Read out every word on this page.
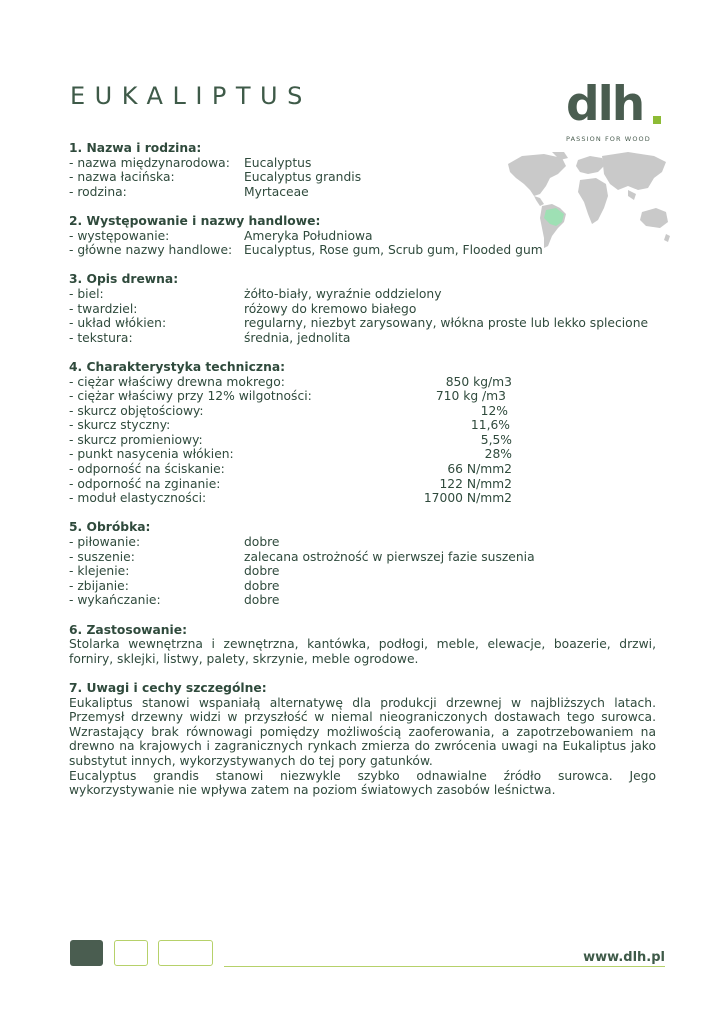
EUKALIPTUS	dlh
PASSION FOR WOOD
1. Nazwa i rodzina:
- nazwa międzynarodowa: Eucalyptus
- nazwa łacińska:	Eucalyptus grandis
- rodzina:	Myrtaceae
2. Występowanie i nazwy handlowe:
- występowanie:	Ameryka Południowa
- główne nazwy handlowe: Eucalyptus, Rose gum, Scrub gum, Flooded gum
3. Opis drewna:
- biel:	żółto-biały, wyraźnie oddzielony
- twardziel:	różowy do kremowo białego
- układ włókien:	regularny, niezbyt zarysowany, włókna proste lub lekko splecione
- tekstura:	średnia, jednolita
4. Charakterystyka techniczna:
- ciężar właściwy drewna mokrego:	850 kg/m3
- ciężar właściwy przy 12% wilgotności:	710 kg /m3
- skurcz objętościowy:	12%
- skurcz styczny:	11,6%
- skurcz promieniowy:	5,5%
- punkt nasycenia włókien:	28%
- odporność na ściskanie:	66 N/mm2
- odporność na zginanie:	122 N/mm2
- moduł elastyczności:	17000 N/mm2
5. Obróbka:
- piłowanie:	dobre
- suszenie:	zalecana ostrożność w pierwszej fazie suszenia
- klejenie:	dobre
- zbijanie:	dobre
- wykańczanie:	dobre
6. Zastosowanie:

Stolarka wewnętrzna i zewnętrzna, kantówka, podłogi, meble, elewacje, boazerie, drzwi, forniry, sklejki, listwy, palety, skrzynie, meble ogrodowe.

7. Uwagi i cechy szczególne:

Eukaliptus stanowi wspaniałą alternatywę dla produkcji drzewnej w najbliższych latach. Przemysł drzewny widzi w przyszłość w niemal nieograniczonych dostawach tego surowca. Wzrastający brak równowagi pomiędzy możliwością zaoferowania, a zapotrzebowaniem na drewno na krajowych i zagranicznych rynkach zmierza do zwrócenia uwagi na Eukaliptus jako substytut innych, wykorzystywanych do tej pory gatunków.

Eucalyptus grandis stanowi niezwykle szybko odnawialne źródło surowca. Jego wykorzystywanie nie wpływa zatem na poziom światowych zasobów leśnictwa.

www.dlh.pl
